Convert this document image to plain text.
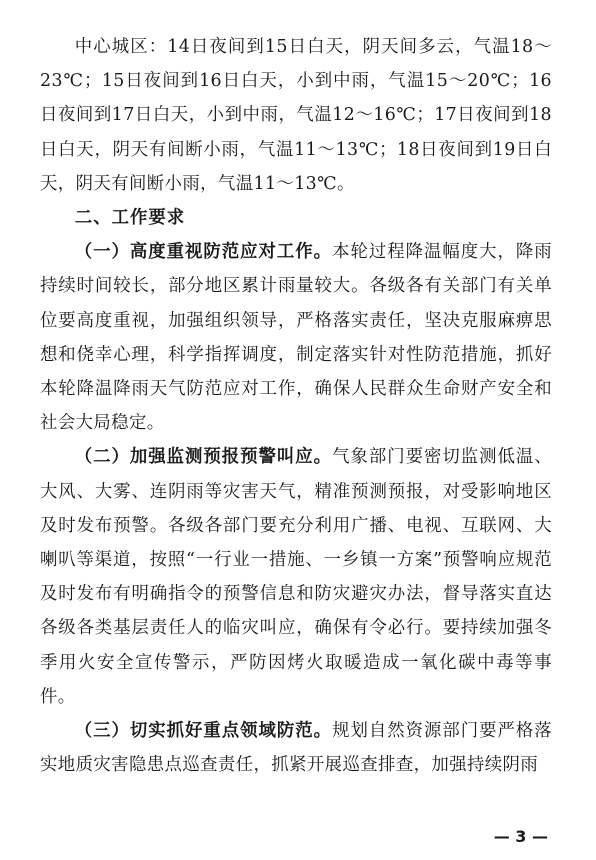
中心城区：14日夜间到15日白天，阴天间多云，气温18～23℃；15日夜间到16日白天，小到中雨，气温15～20℃；16日夜间到17日白天，小到中雨，气温12～16℃；17日夜间到18日白天，阴天有间断小雨，气温11～13℃；18日夜间到19日白天，阴天有间断小雨，气温11～13℃。

二、工作要求

（一）高度重视防范应对工作。本轮过程降温幅度大，降雨持续时间较长，部分地区累计雨量较大。各级各有关部门有关单位要高度重视，加强组织领导，严格落实责任，坚决克服麻痹思想和侥幸心理，科学指挥调度，制定落实针对性防范措施，抓好本轮降温降雨天气防范应对工作，确保人民群众生命财产安全和社会大局稳定。

（二）加强监测预报预警叫应。气象部门要密切监测低温、大风、大雾、连阴雨等灾害天气，精准预测预报，对受影响地区及时发布预警。各级各部门要充分利用广播、电视、互联网、大喇叭等渠道，按照“一行业一措施、一乡镇一方案”预警响应规范及时发布有明确指令的预警信息和防灾避灾办法，督导落实直达各级各类基层责任人的临灾叫应，确保有令必行。要持续加强冬季用火安全宣传警示，严防因烤火取暖造成一氧化碳中毒等事件。

（三）切实抓好重点领域防范。规划自然资源部门要严格落实地质灾害隐患点巡查责任，抓紧开展巡查排查，加强持续阴雨

— 3 —
